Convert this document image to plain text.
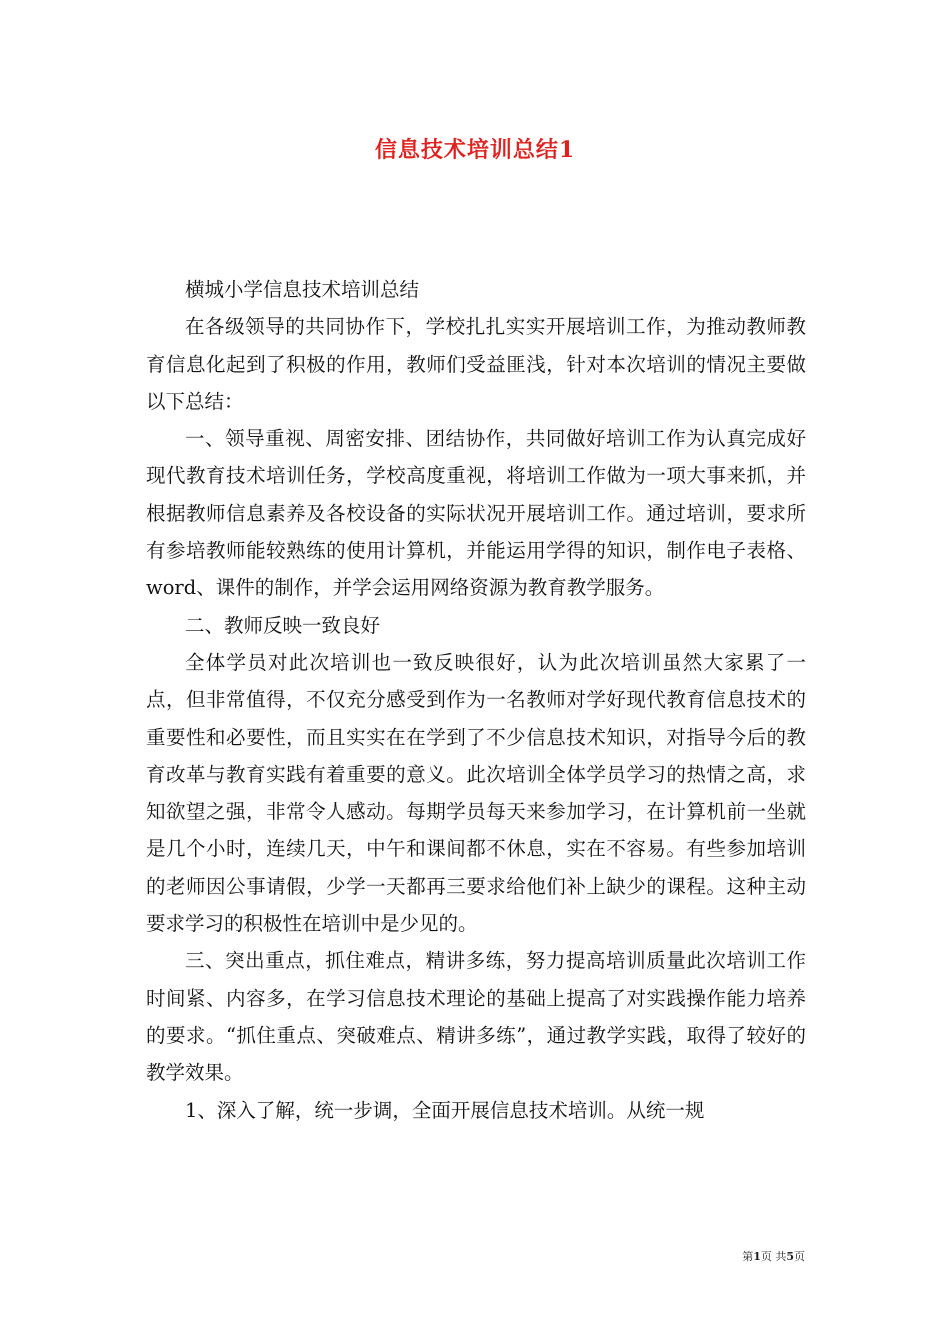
信息技术培训总结1

横城小学信息技术培训总结

在各级领导的共同协作下，学校扎扎实实开展培训工作，为推动教师教育信息化起到了积极的作用，教师们受益匪浅，针对本次培训的情况主要做以下总结：

一、领导重视、周密安排、团结协作，共同做好培训工作为认真完成好现代教育技术培训任务，学校高度重视，将培训工作做为一项大事来抓，并根据教师信息素养及各校设备的实际状况开展培训工作。通过培训，要求所有参培教师能较熟练的使用计算机，并能运用学得的知识，制作电子表格、word、课件的制作，并学会运用网络资源为教育教学服务。

二、教师反映一致良好

全体学员对此次培训也一致反映很好，认为此次培训虽然大家累了一点，但非常值得，不仅充分感受到作为一名教师对学好现代教育信息技术的重要性和必要性，而且实实在在学到了不少信息技术知识，对指导今后的教育改革与教育实践有着重要的意义。此次培训全体学员学习的热情之高，求知欲望之强，非常令人感动。每期学员每天来参加学习，在计算机前一坐就是几个小时，连续几天，中午和课间都不休息，实在不容易。有些参加培训的老师因公事请假，少学一天都再三要求给他们补上缺少的课程。这种主动要求学习的积极性在培训中是少见的。

三、突出重点，抓住难点，精讲多练，努力提高培训质量此次培训工作时间紧、内容多，在学习信息技术理论的基础上提高了对实践操作能力培养的要求。“抓住重点、突破难点、精讲多练”，通过教学实践，取得了较好的教学效果。

1、深入了解，统一步调，全面开展信息技术培训。从统一规

第1页 共5页
